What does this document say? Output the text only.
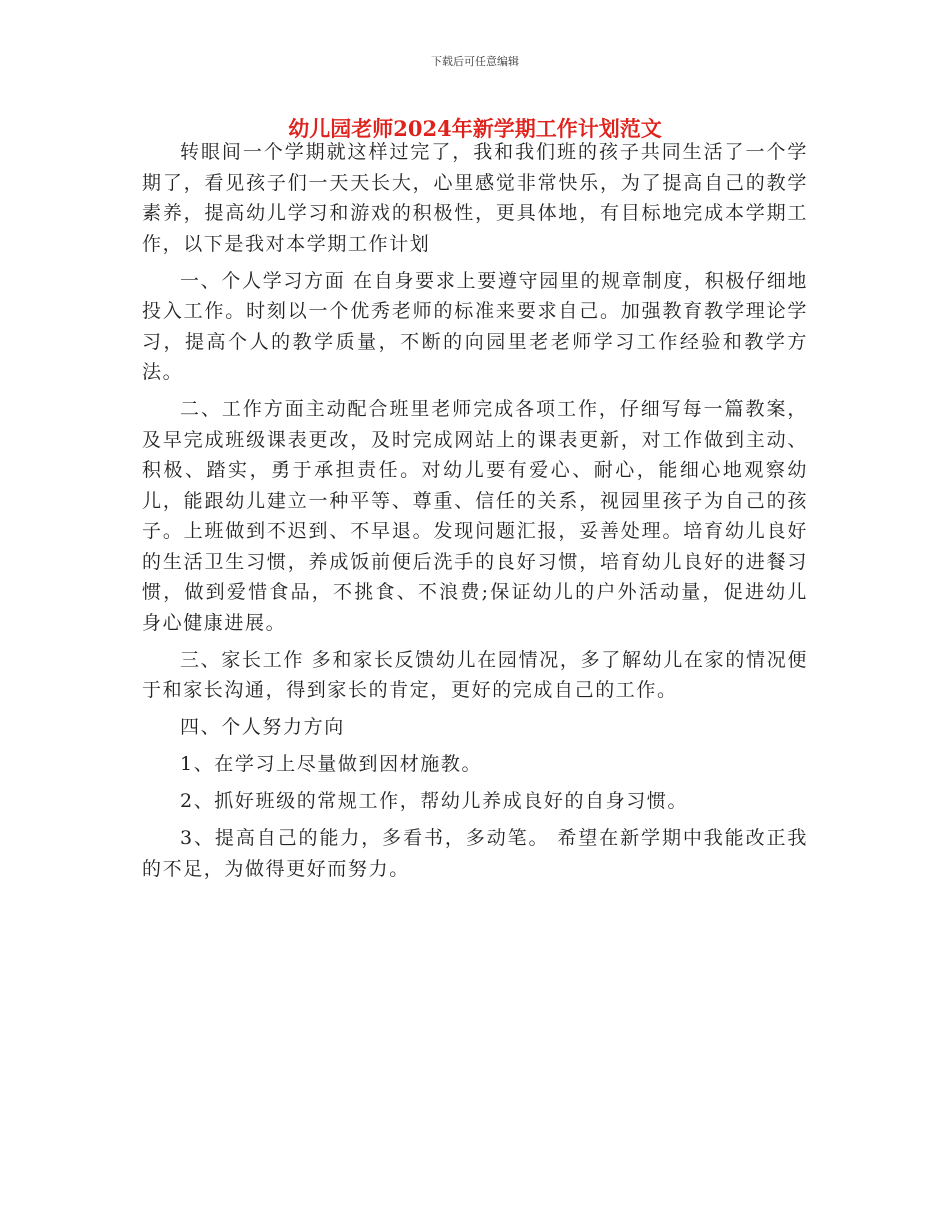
下载后可任意编辑
幼儿园老师2024年新学期工作计划范文

转眼间一个学期就这样过完了，我和我们班的孩子共同生活了一个学期了，看见孩子们一天天长大，心里感觉非常快乐，为了提高自己的教学素养，提高幼儿学习和游戏的积极性，更具体地，有目标地完成本学期工作，以下是我对本学期工作计划

一、个人学习方面 在自身要求上要遵守园里的规章制度，积极仔细地投入工作。时刻以一个优秀老师的标准来要求自己。加强教育教学理论学习，提高个人的教学质量，不断的向园里老老师学习工作经验和教学方法。

二、工作方面主动配合班里老师完成各项工作，仔细写每一篇教案，及早完成班级课表更改，及时完成网站上的课表更新，对工作做到主动、积极、踏实，勇于承担责任。对幼儿要有爱心、耐心，能细心地观察幼儿，能跟幼儿建立一种平等、尊重、信任的关系，视园里孩子为自己的孩子。上班做到不迟到、不早退。发现问题汇报，妥善处理。培育幼儿良好的生活卫生习惯，养成饭前便后洗手的良好习惯，培育幼儿良好的进餐习惯，做到爱惜食品，不挑食、不浪费;保证幼儿的户外活动量，促进幼儿身心健康进展。

三、家长工作 多和家长反馈幼儿在园情况，多了解幼儿在家的情况便于和家长沟通，得到家长的肯定，更好的完成自己的工作。

四、个人努力方向

1、在学习上尽量做到因材施教。

2、抓好班级的常规工作，帮幼儿养成良好的自身习惯。

3、提高自己的能力，多看书，多动笔。 希望在新学期中我能改正我的不足，为做得更好而努力。
